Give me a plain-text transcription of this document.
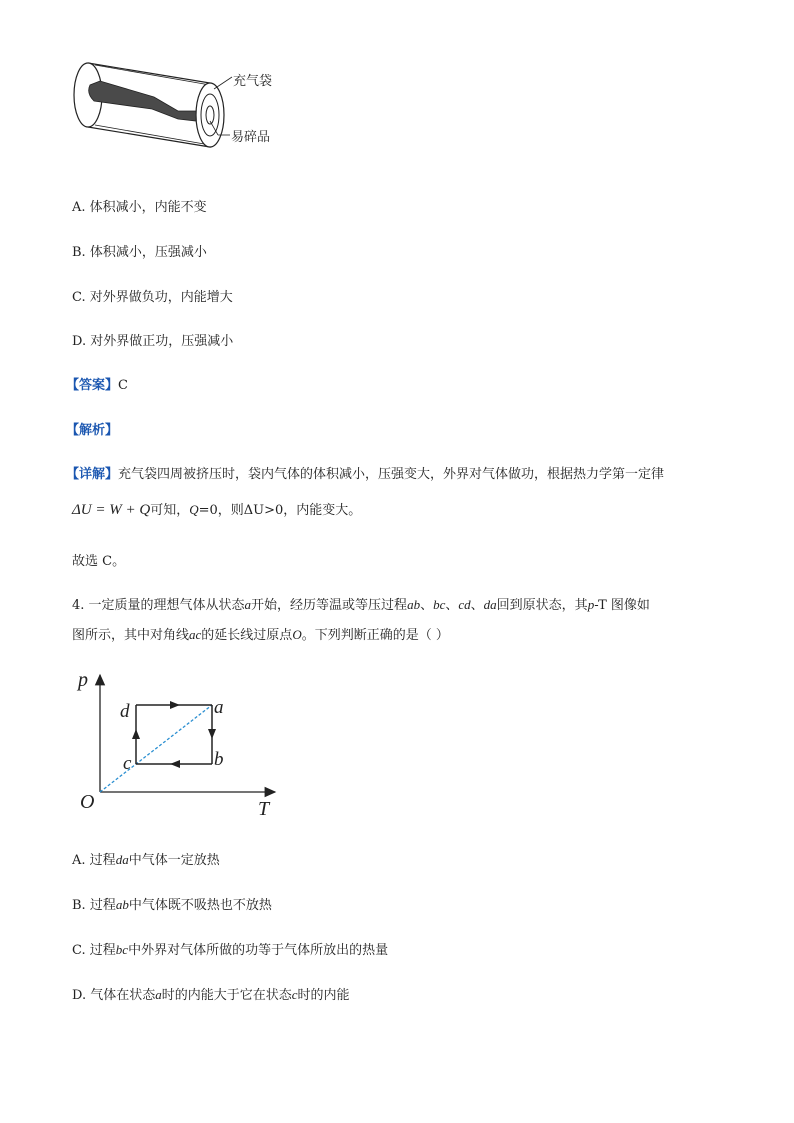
充气袋
易碎品
A. 体积减小，内能不变
B. 体积减小，压强减小
C. 对外界做负功，内能增大
D. 对外界做正功，压强减小
【答案】C
【解析】
【详解】充气袋四周被挤压时，袋内气体的体积减小，压强变大，外界对气体做功，根据热力学第一定律
ΔU = W + Q可知，Q=0，则ΔU>0，内能变大。
故选 C。
4. 一定质量的理想气体从状态a开始，经历等温或等压过程ab、bc、cd、da回到原状态，其p-T 图像如
图所示，其中对角线ac的延长线过原点O。下列判断正确的是（ ）
p
T
O
a
b
c
d
A. 过程da中气体一定放热
B. 过程ab中气体既不吸热也不放热
C. 过程bc中外界对气体所做的功等于气体所放出的热量
D. 气体在状态a时的内能大于它在状态c时的内能
